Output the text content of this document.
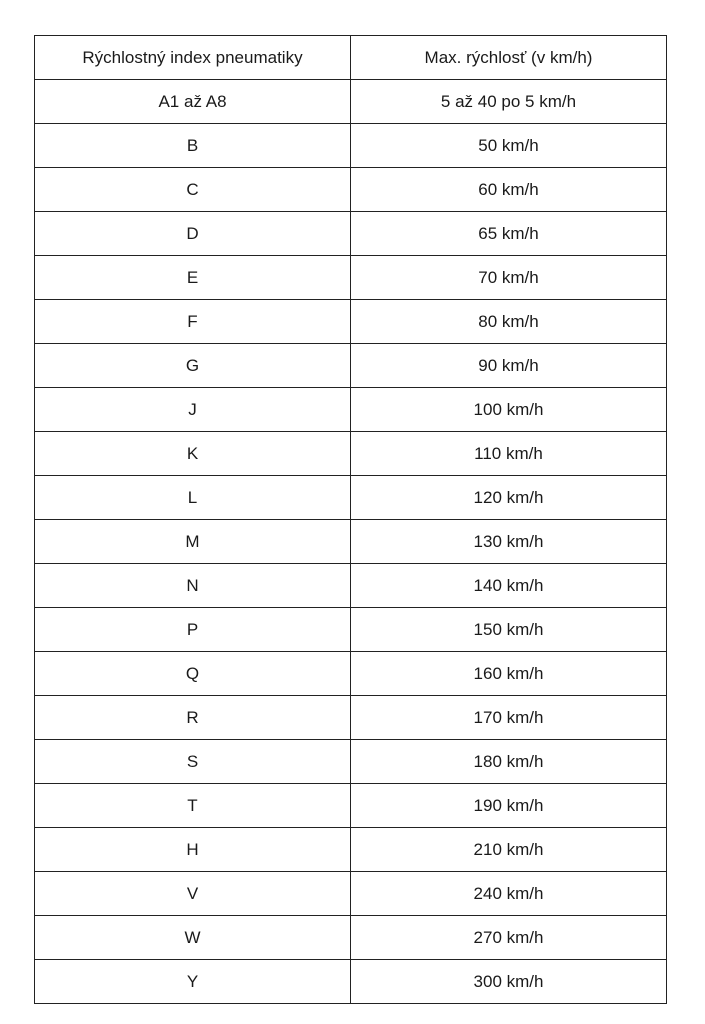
Rýchlostný index pneumatiky	Max. rýchlosť (v km/h)
A1 až A8	5 až 40 po 5 km/h
B	50 km/h
C	60 km/h
D	65 km/h
E	70 km/h
F	80 km/h
G	90 km/h
J	100 km/h
K	110 km/h
L	120 km/h
M	130 km/h
N	140 km/h
P	150 km/h
Q	160 km/h
R	170 km/h
S	180 km/h
T	190 km/h
H	210 km/h
V	240 km/h
W	270 km/h
Y	300 km/h
